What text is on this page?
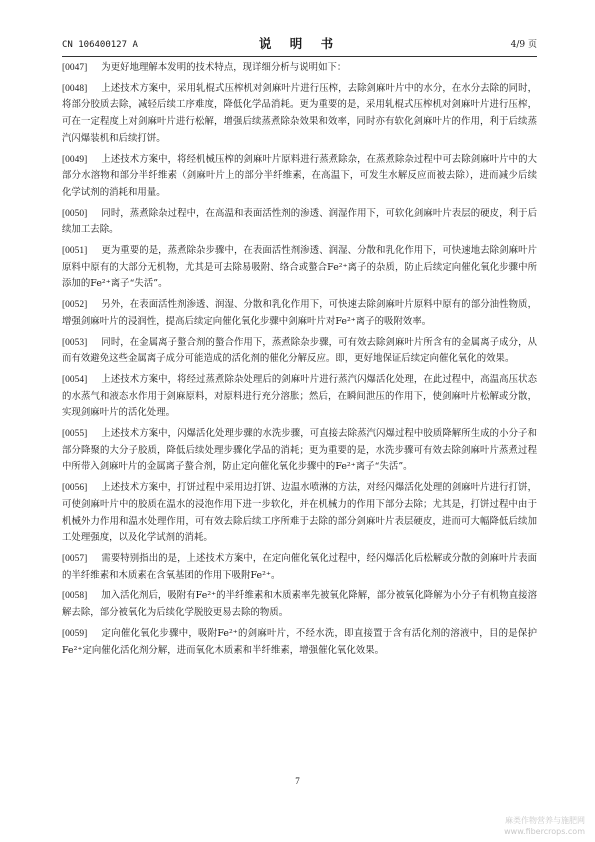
CN 106400127 A	说 明 书	4/9 页

[0047] 为更好地理解本发明的技术特点，现详细分析与说明如下：

[0048] 上述技术方案中，采用轧棍式压榨机对剑麻叶片进行压榨，去除剑麻叶片中的水分，在水分去除的同时，将部分胶质去除，减轻后续工序难度，降低化学品消耗。更为重要的是，采用轧棍式压榨机对剑麻叶片进行压榨，可在一定程度上对剑麻叶片进行松解，增强后续蒸煮除杂效果和效率，同时亦有软化剑麻叶片的作用，利于后续蒸汽闪爆装机和后续打饼。

[0049] 上述技术方案中，将经机械压榨的剑麻叶片原料进行蒸煮除杂，在蒸煮除杂过程中可去除剑麻叶片中的大部分水溶物和部分半纤维素（剑麻叶片上的部分半纤维素，在高温下，可发生水解反应而被去除），进而减少后续化学试剂的消耗和用量。

[0050] 同时，蒸煮除杂过程中，在高温和表面活性剂的渗透、润湿作用下，可软化剑麻叶片表层的硬皮，利于后续加工去除。

[0051] 更为重要的是，蒸煮除杂步骤中，在表面活性剂渗透、润湿、分散和乳化作用下，可快速地去除剑麻叶片原料中原有的大部分无机物，尤其是可去除易吸附、络合或螯合Fe²⁺离子的杂质，防止后续定向催化氧化步骤中所添加的Fe²⁺离子“失活”。

[0052] 另外，在表面活性剂渗透、润湿、分散和乳化作用下，可快速去除剑麻叶片原料中原有的部分油性物质，增强剑麻叶片的浸润性，提高后续定向催化氧化步骤中剑麻叶片对Fe²⁺离子的吸附效率。

[0053] 同时，在金属离子螯合剂的螯合作用下，蒸煮除杂步骤，可有效去除剑麻叶片所含有的金属离子成分，从而有效避免这些金属离子成分可能造成的活化剂的催化分解反应。即，更好地保证后续定向催化氧化的效果。

[0054] 上述技术方案中，将经过蒸煮除杂处理后的剑麻叶片进行蒸汽闪爆活化处理，在此过程中，高温高压状态的水蒸气和液态水作用于剑麻原料，对原料进行充分溶胀；然后，在瞬间泄压的作用下，使剑麻叶片松解或分散，实现剑麻叶片的活化处理。

[0055] 上述技术方案中，闪爆活化处理步骤的水洗步骤，可直接去除蒸汽闪爆过程中胶质降解所生成的小分子和部分降聚的大分子胶质，降低后续处理步骤化学品的消耗；更为重要的是，水洗步骤可有效去除剑麻叶片蒸煮过程中所带入剑麻叶片的金属离子螯合剂，防止定向催化氧化步骤中的Fe²⁺离子“失活”。

[0056] 上述技术方案中，打饼过程中采用边打饼、边温水喷淋的方法，对经闪爆活化处理的剑麻叶片进行打饼，可使剑麻叶片中的胶质在温水的浸泡作用下进一步软化，并在机械力的作用下部分去除；尤其是，打饼过程中由于机械外力作用和温水处理作用，可有效去除后续工序所难于去除的部分剑麻叶片表层硬皮，进而可大幅降低后续加工处理强度，以及化学试剂的消耗。

[0057] 需要特别指出的是，上述技术方案中，在定向催化氧化过程中，经闪爆活化后松解或分散的剑麻叶片表面的半纤维素和木质素在含氧基团的作用下吸附Fe²⁺。

[0058] 加入活化剂后，吸附有Fe²⁺的半纤维素和木质素率先被氧化降解，部分被氧化降解为小分子有机物直接溶解去除，部分被氧化为后续化学脱胶更易去除的物质。

[0059] 定向催化氧化步骤中，吸附Fe²⁺的剑麻叶片，不经水洗，即直接置于含有活化剂的溶液中，目的是保护Fe²⁺定向催化活化剂分解，进而氧化木质素和半纤维素，增强催化氧化效果。

7
麻类作物营养与施肥网
www.fibercrops.com
